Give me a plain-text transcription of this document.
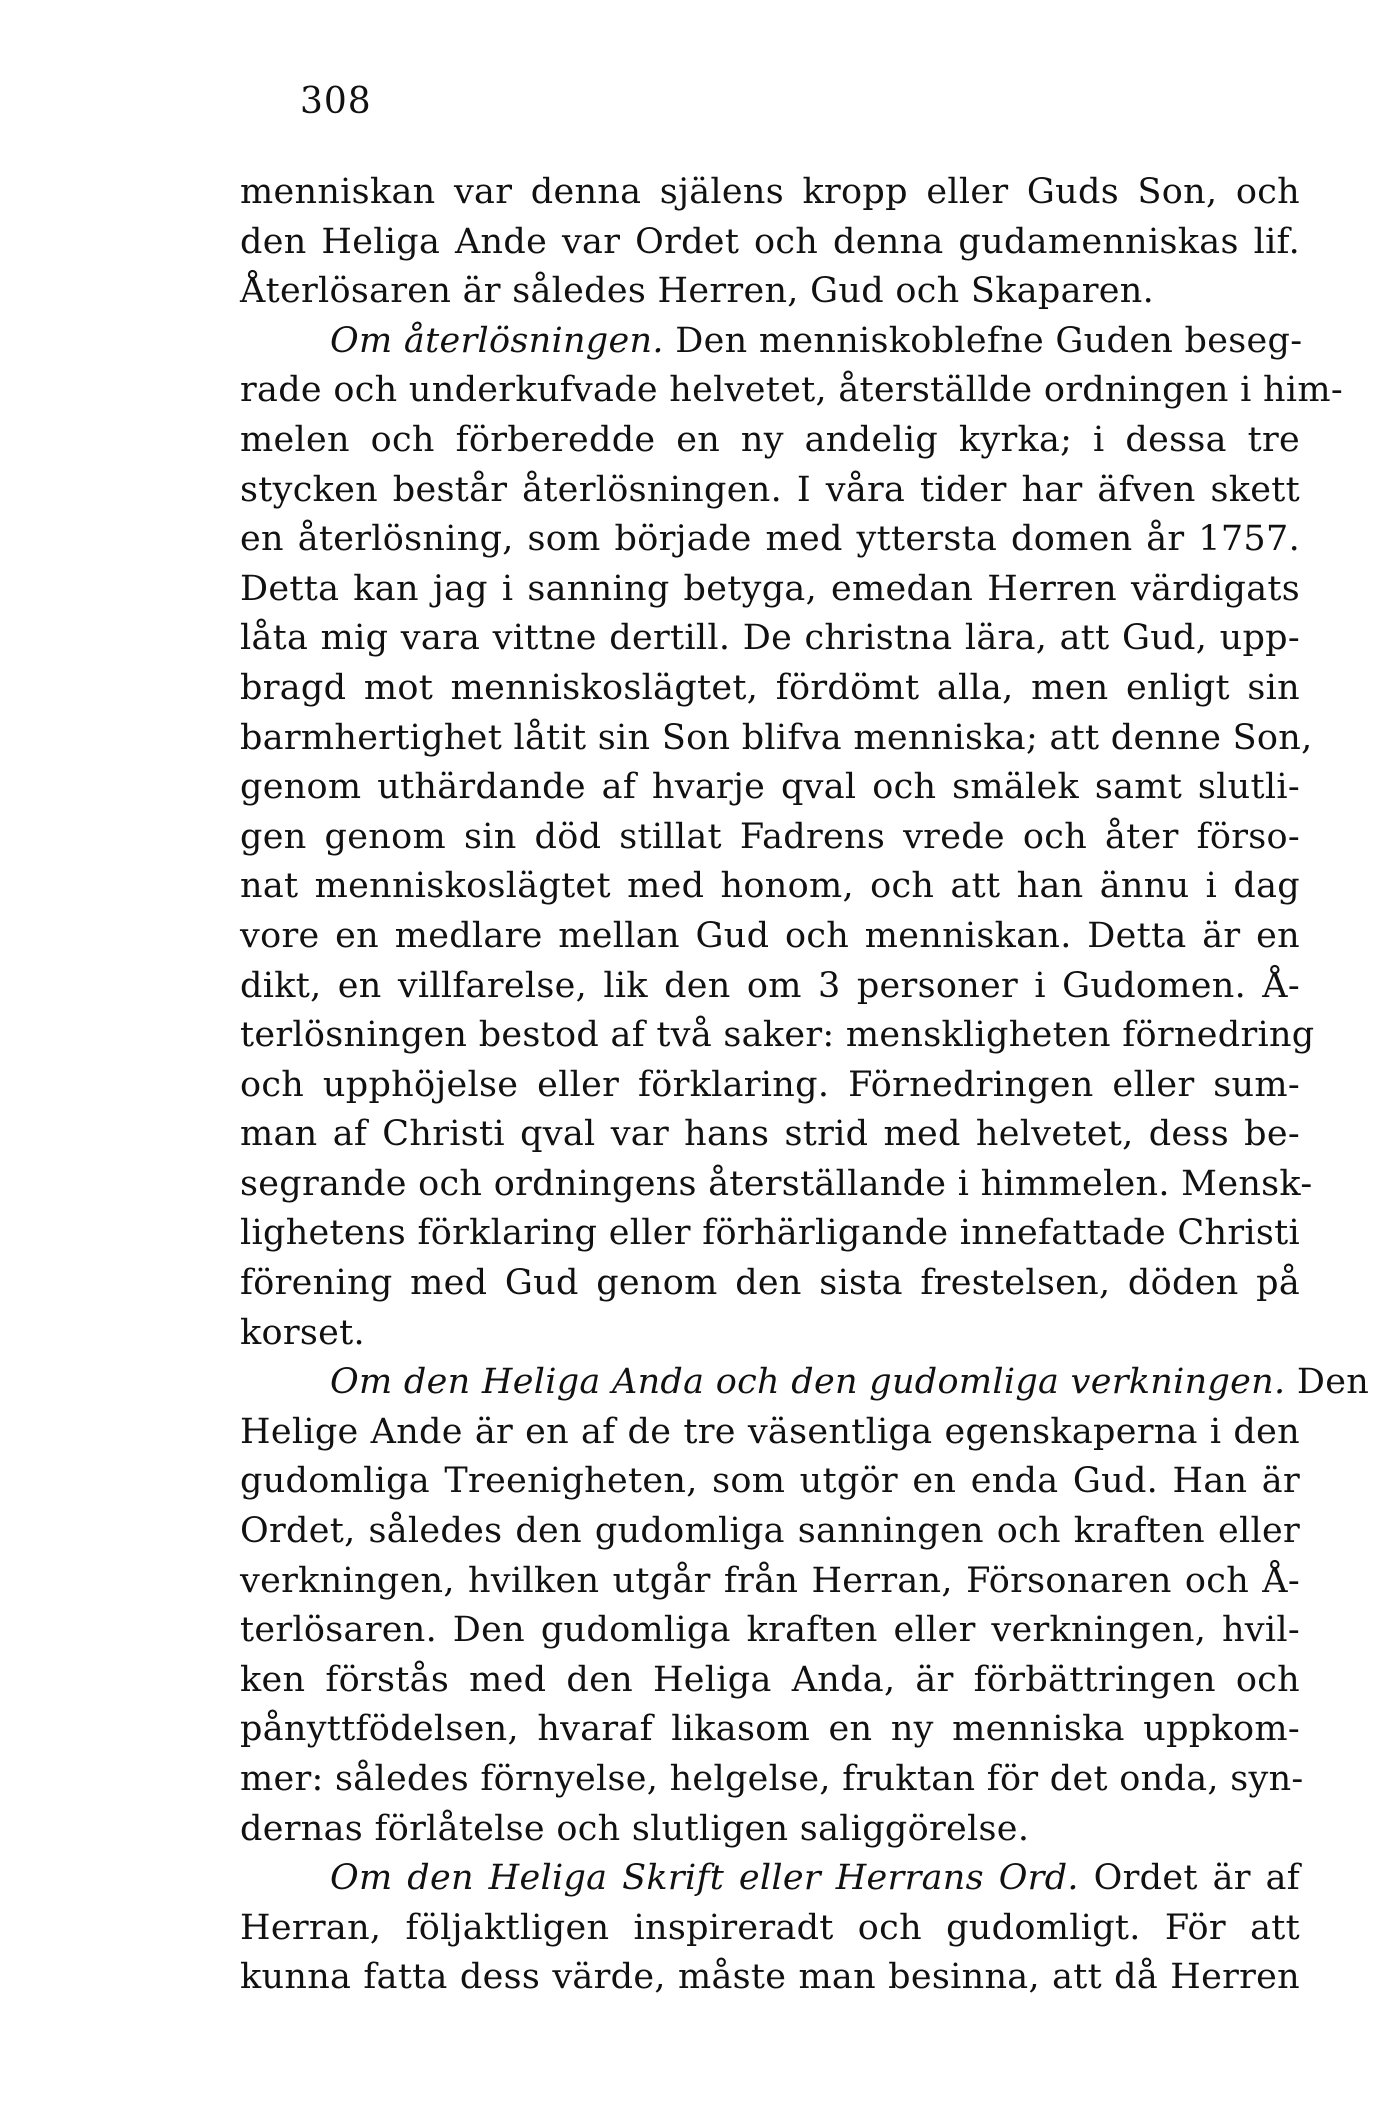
308
menniskan var denna själens kropp eller Guds Son, och
den Heliga Ande var Ordet och denna gudamenniskas lif.
Återlösaren är således Herren, Gud och Skaparen.
Om återlösningen. Den menniskoblefne Guden beseg-
rade och underkufvade helvetet, återställde ordningen i him-
melen och förberedde en ny andelig kyrka; i dessa tre
stycken består återlösningen. I våra tider har äfven skett
en återlösning, som började med yttersta domen år 1757.
Detta kan jag i sanning betyga, emedan Herren värdigats
låta mig vara vittne dertill. De christna lära, att Gud, upp-
bragd mot menniskoslägtet, fördömt alla, men enligt sin
barmhertighet låtit sin Son blifva menniska; att denne Son,
genom uthärdande af hvarje qval och smälek samt slutli-
gen genom sin död stillat Fadrens vrede och åter förso-
nat menniskoslägtet med honom, och att han ännu i dag
vore en medlare mellan Gud och menniskan. Detta är en
dikt, en villfarelse, lik den om 3 personer i Gudomen. Å-
terlösningen bestod af två saker: menskligheten förnedring
och upphöjelse eller förklaring. Förnedringen eller sum-
man af Christi qval var hans strid med helvetet, dess be-
segrande och ordningens återställande i himmelen. Mensk-
lighetens förklaring eller förhärligande innefattade Christi
förening med Gud genom den sista frestelsen, döden på
korset.
Om den Heliga Anda och den gudomliga verkningen. Den
Helige Ande är en af de tre väsentliga egenskaperna i den
gudomliga Treenigheten, som utgör en enda Gud. Han är
Ordet, således den gudomliga sanningen och kraften eller
verkningen, hvilken utgår från Herran, Försonaren och Å-
terlösaren. Den gudomliga kraften eller verkningen, hvil-
ken förstås med den Heliga Anda, är förbättringen och
pånyttfödelsen, hvaraf likasom en ny menniska uppkom-
mer: således förnyelse, helgelse, fruktan för det onda, syn-
dernas förlåtelse och slutligen saliggörelse.
Om den Heliga Skrift eller Herrans Ord. Ordet är af
Herran, följaktligen inspireradt och gudomligt. För att
kunna fatta dess värde, måste man besinna, att då Herren
